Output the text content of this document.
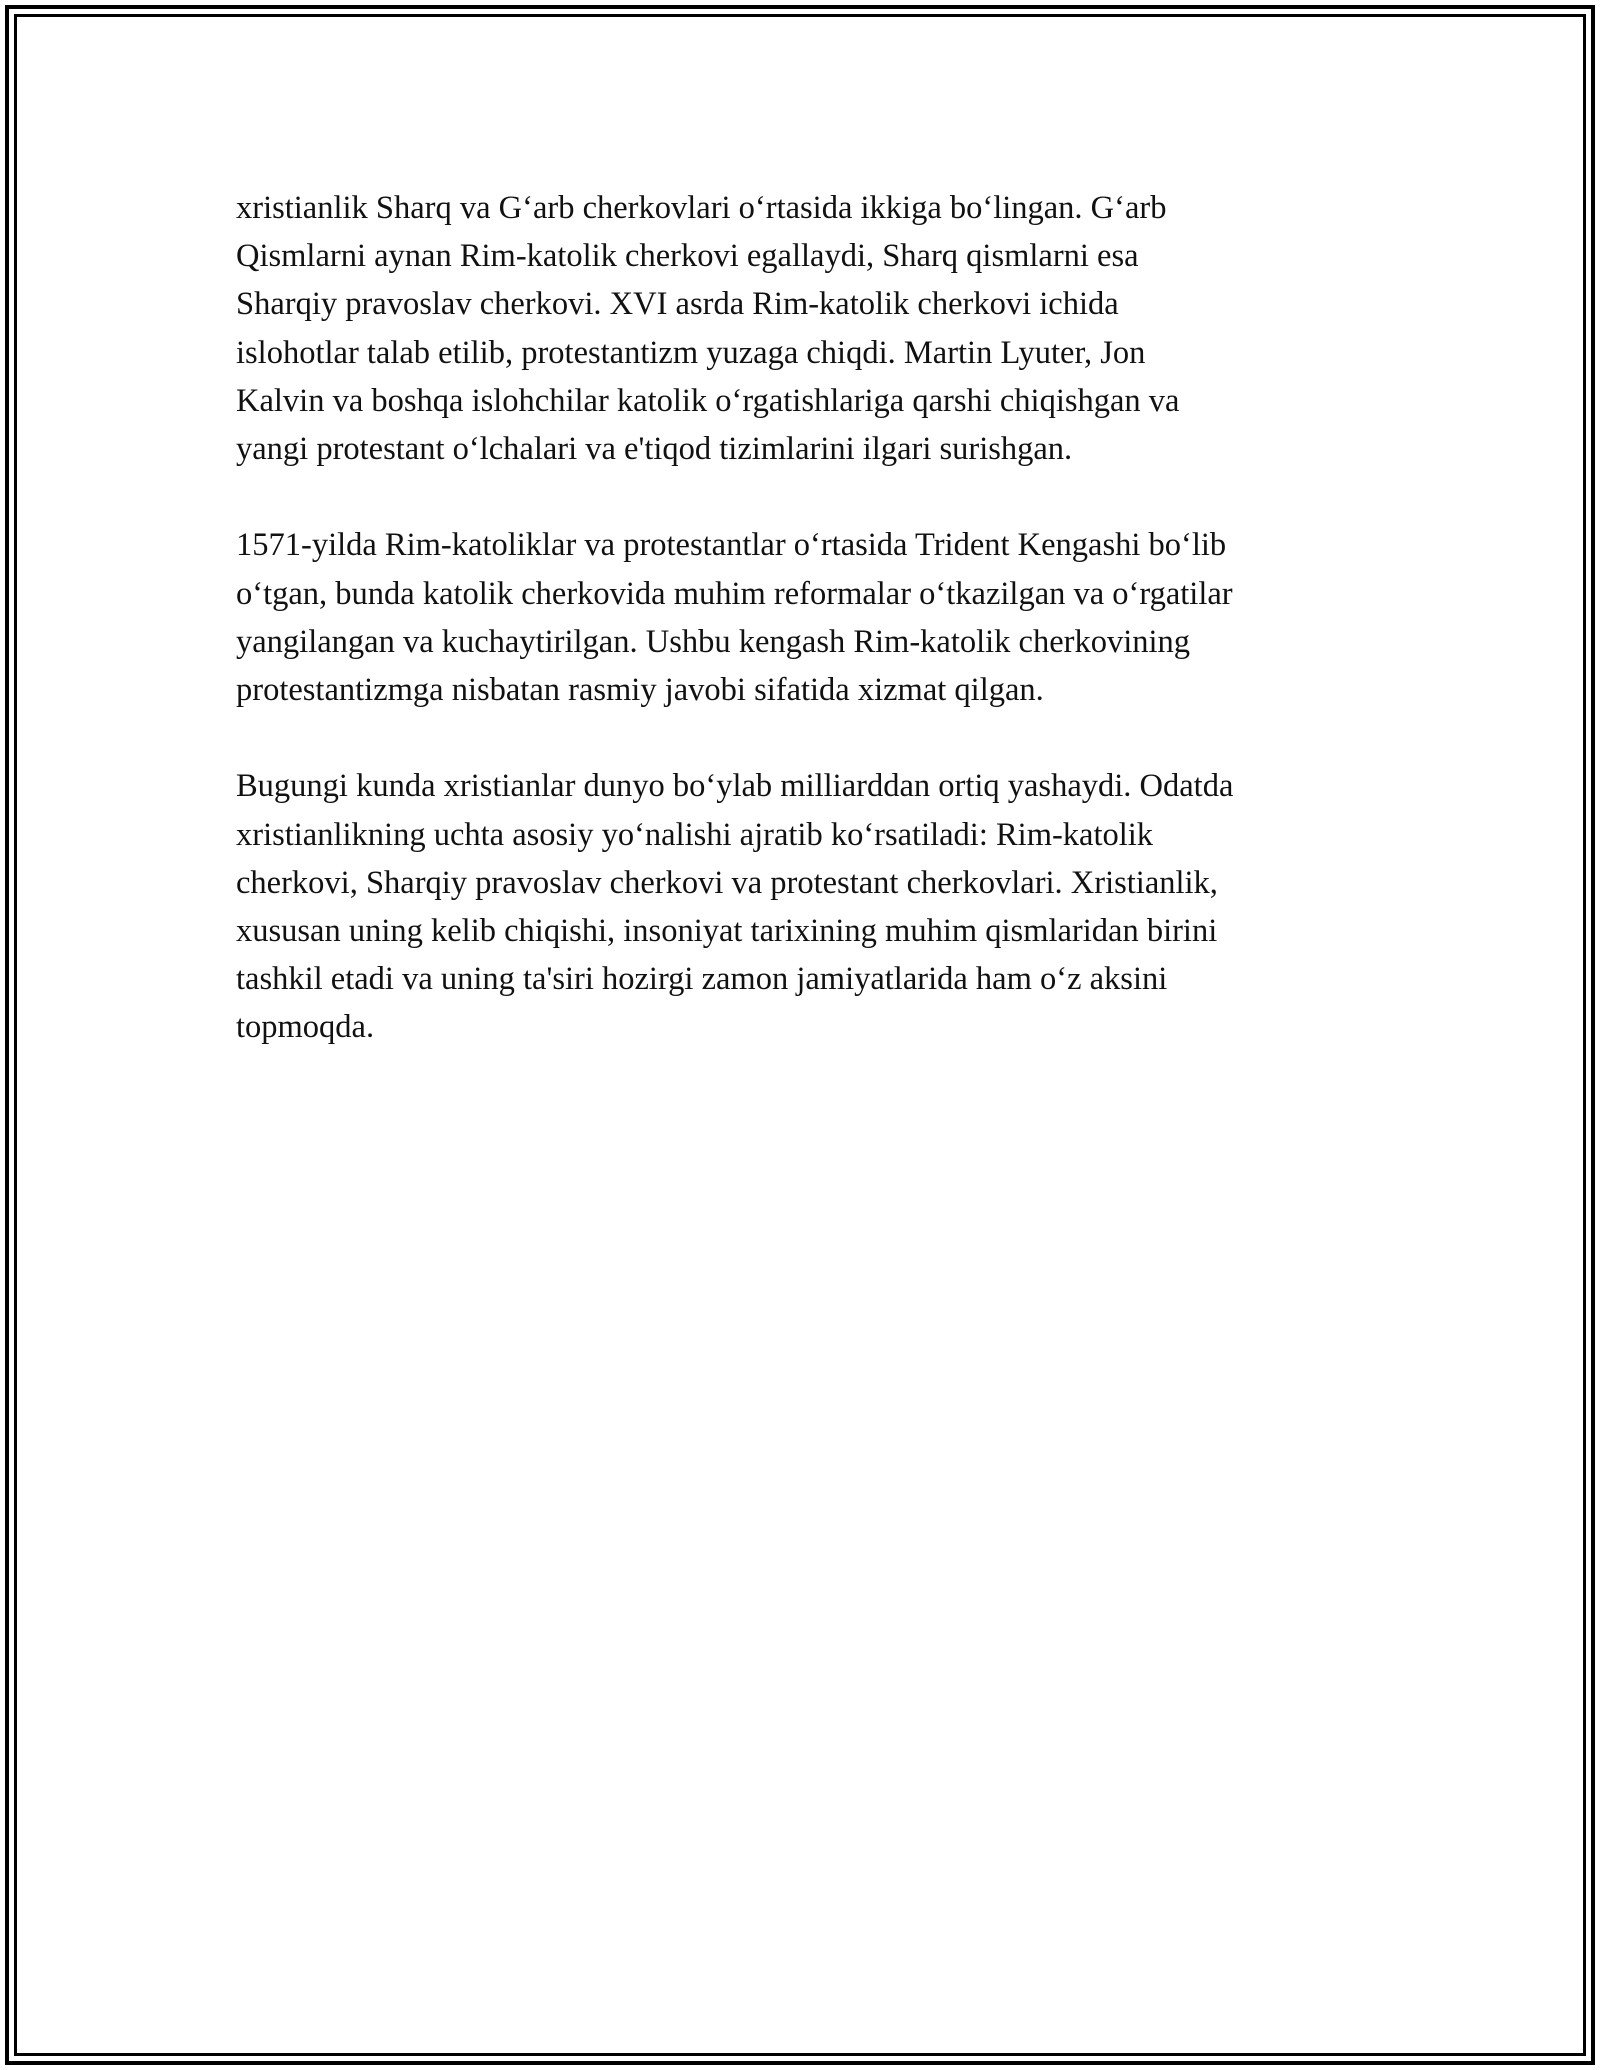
xristianlik Sharq va G‘arb cherkovlari o‘rtasida ikkiga bo‘lingan. G‘arb
Qismlarni aynan Rim-katolik cherkovi egallaydi, Sharq qismlarni esa
Sharqiy pravoslav cherkovi. XVI asrda Rim-katolik cherkovi ichida
islohotlar talab etilib, protestantizm yuzaga chiqdi. Martin Lyuter, Jon
Kalvin va boshqa islohchilar katolik o‘rgatishlariga qarshi chiqishgan va
yangi protestant o‘lchalari va e'tiqod tizimlarini ilgari surishgan.

1571-yilda Rim-katoliklar va protestantlar o‘rtasida Trident Kengashi bo‘lib
o‘tgan, bunda katolik cherkovida muhim reformalar o‘tkazilgan va o‘rgatilar
yangilangan va kuchaytirilgan. Ushbu kengash Rim-katolik cherkovining
protestantizmga nisbatan rasmiy javobi sifatida xizmat qilgan.

Bugungi kunda xristianlar dunyo bo‘ylab milliarddan ortiq yashaydi. Odatda
xristianlikning uchta asosiy yo‘nalishi ajratib ko‘rsatiladi: Rim-katolik
cherkovi, Sharqiy pravoslav cherkovi va protestant cherkovlari. Xristianlik,
xususan uning kelib chiqishi, insoniyat tarixining muhim qismlaridan birini
tashkil etadi va uning ta'siri hozirgi zamon jamiyatlarida ham o‘z aksini
topmoqda.
